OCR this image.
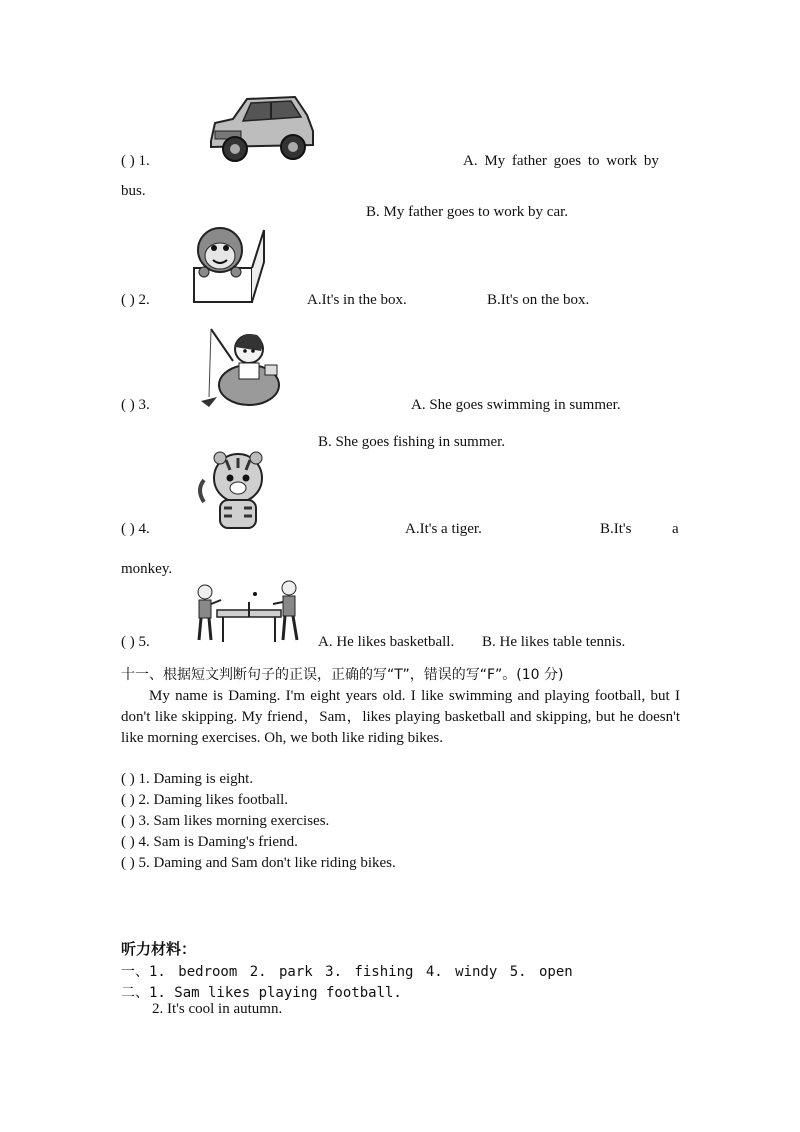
( ) 1.	A. My father goes to work by
bus.
B. My father goes to work by car.
( ) 2.	A.It's in the box.	B.It's on the box.
( ) 3.	A. She goes swimming in summer.
B. She goes fishing in summer.
( ) 4.	A.It's a tiger.	B.It's	a
monkey.
( ) 5.	A. He likes basketball. B. He likes table tennis.
十一、根据短文判断句子的正误，正确的写“T”，错误的写“F”。(10 分)
My name is Daming. I'm eight years old. I like swimming and playing football, but I don't like skipping. My friend，Sam，likes playing basketball and skipping, but he doesn't like morning exercises. Oh, we both like riding bikes.
( ) 1. Daming is eight.
( ) 2. Daming likes football.
( ) 3. Sam likes morning exercises.
( ) 4. Sam is Daming's friend.
( ) 5. Daming and Sam don't like riding bikes.
听力材料：
一、1. bedroom 2. park 3. fishing 4. windy 5. open
二、1. Sam likes playing football.
2. It's cool in autumn.
